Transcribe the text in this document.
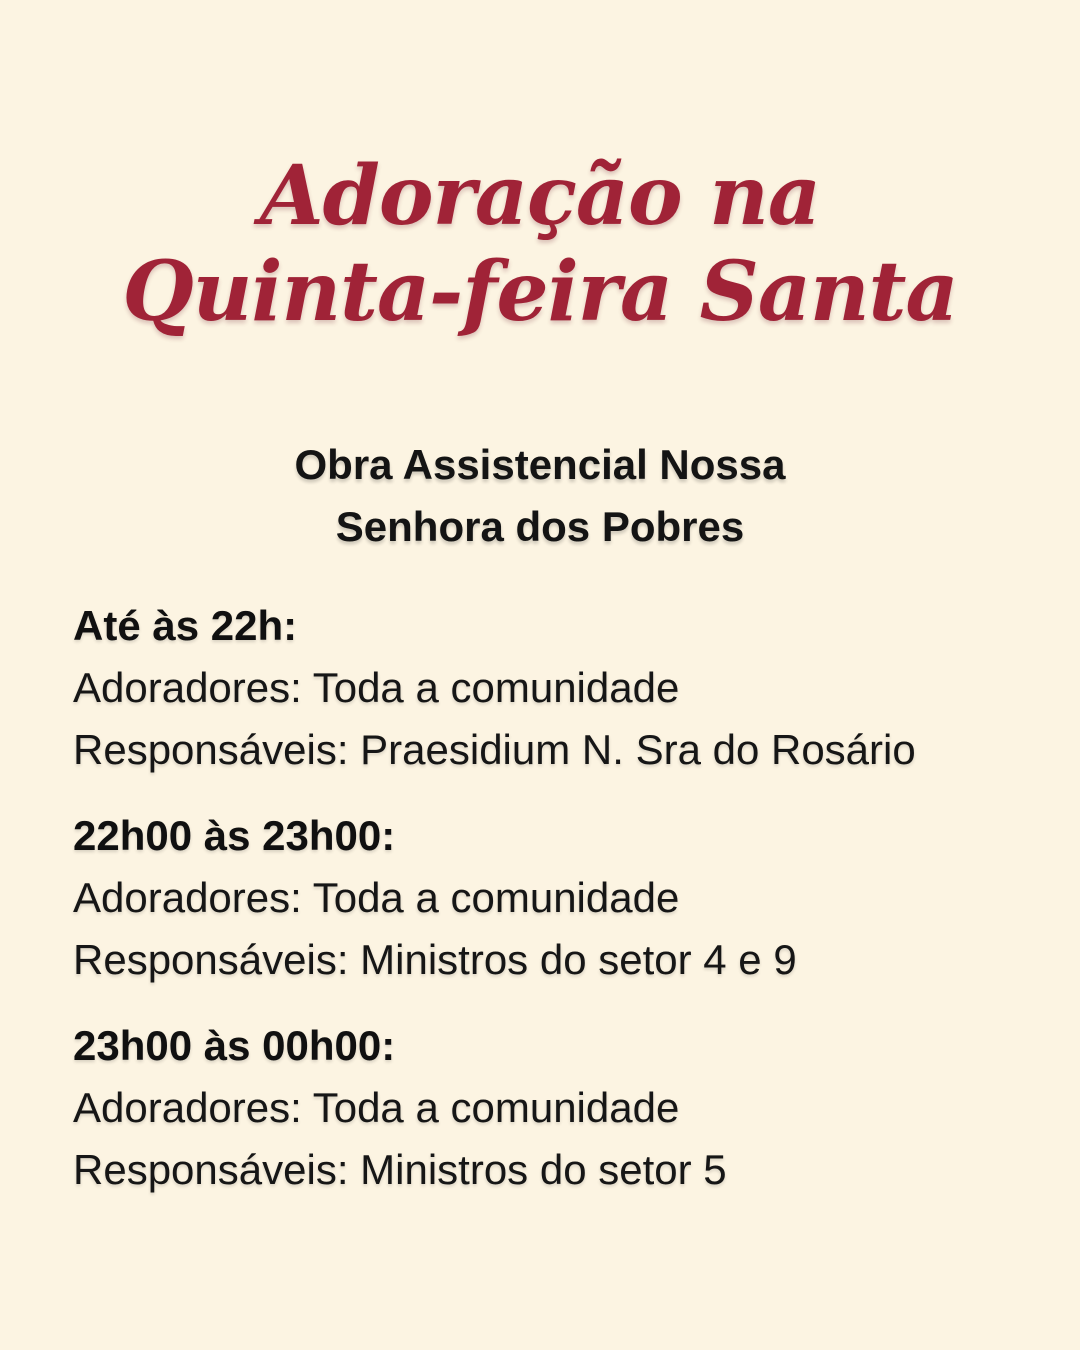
Adoração na
Quinta-feira Santa
Obra Assistencial Nossa
Senhora dos Pobres
Até às 22h:
Adoradores: Toda a comunidade
Responsáveis: Praesidium N. Sra do Rosário
22h00 às 23h00:
Adoradores: Toda a comunidade
Responsáveis: Ministros do setor 4 e 9
23h00 às 00h00:
Adoradores: Toda a comunidade
Responsáveis: Ministros do setor 5
